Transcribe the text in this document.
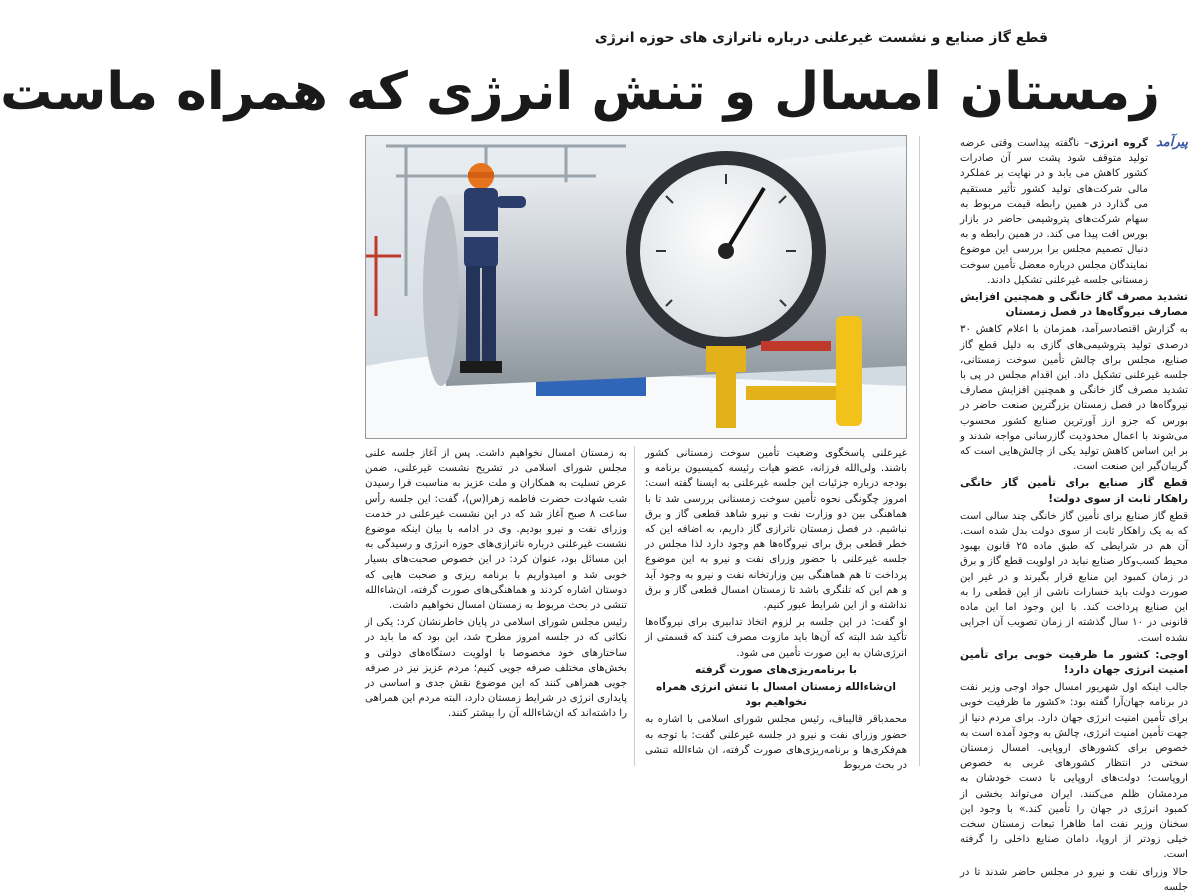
قطع گاز صنایع و نشست غیرعلنی درباره ناترازی های حوزه انرژی
زمستان امسال و تنش انرژی که همراه ماست
پیرآمد

گروه انرژی– ناگفته پیداست وقتی عرضه تولید متوقف شود پشت سر آن صادرات کشور کاهش می یابد و در نهایت بر عملکرد مالی شرکت‌های تولید کشور تأثیر مستقیم می گذارد در همین رابطه قیمت مربوط به سهام شرکت‌های پتروشیمی حاضر در بازار بورس افت پیدا می کند. در همین رابطه و به دنبال تصمیم مجلس برا بررسی این موضوع نمایندگان مجلس درباره معضل تأمین سوخت زمستانی جلسه غیرعلنی تشکیل دادند.

تشدید مصرف گاز خانگی و همچنین افزایش مصارف نیروگاه‌ها در فصل زمستان

به گزارش اقتصادسرآمد، همزمان با اعلام کاهش ۳۰ درصدی تولید پتروشیمی‌های گازی به دلیل قطع گاز صنایع، مجلس برای چالش تأمین سوخت زمستانی، جلسه غیرعلنی تشکیل داد. این اقدام مجلس در پی با تشدید مصرف گاز خانگی و همچنین افزایش مصارف نیروگاه‌ها در فصل زمستان بزرگترین صنعت حاضر در بورس که جزو ارز آورترین صنایع کشور محسوب می‌شوند با اعمال محدودیت گازرسانی مواجه شدند و بر این اساس کاهش تولید یکی از چالش‌هایی است که گریبان‌گیر این صنعت است.

قطع گاز صنایع برای تأمین گاز خانگی راهکار ثابت از سوی دولت!

قطع گاز صنایع برای تأمین گاز خانگی چند سالی است که به یک راهکار ثابت از سوی دولت بدل شده است. آن هم در شرایطی که طبق ماده ۲۵ قانون بهبود محیط کسب‌وکار صنایع نباید در اولویت قطع گاز و برق در زمان کمبود این منابع قرار بگیرند و در غیر این صورت دولت باید خسارات ناشی از این قطعی را به این صنایع پرداخت کند. با این وجود اما این ماده قانونی در ۱۰ سال گذشته از زمان تصویب آن اجرایی نشده است.

اوجی: کشور ما ظرفیت خوبی برای تأمین امنیت انرژی جهان دارد!

جالب اینکه اول شهریور امسال جواد اوجی وزیر نفت در برنامه جهان‌آرا گفته بود: «کشور ما ظرفیت خوبی برای تأمین امنیت انرژی جهان دارد. برای مردم دنیا از جهت تأمین امنیت انرژی، چالش به وجود آمده است به خصوص برای کشورهای اروپایی. امسال زمستان سختی در انتظار کشورهای غربی به خصوص اروپاست؛ دولت‌های اروپایی با دست خودشان به مردمشان ظلم می‌کنند. ایران می‌تواند بخشی از کمبود انرژی در جهان را تأمین کند.» با وجود این سخنان وزیر نفت اما ظاهرا تبعات زمستان سخت خیلی زودتر از اروپا، دامان صنایع داخلی را گرفته است.

حالا وزرای نفت و نیرو در مجلس حاضر شدند تا در جلسه

غیرعلنی پاسخگوی وضعیت تأمین سوخت زمستانی کشور باشند. ولی‌الله فرزانه، عضو هیات رئیسه کمیسیون برنامه و بودجه درباره جزئیات این جلسه غیرعلنی به ایسنا گفته است: امروز چگونگی نحوه تأمین سوخت زمستانی بررسی شد تا با هماهنگی بین دو وزارت نفت و نیرو شاهد قطعی گاز و برق نباشیم. در فصل زمستان ناترازی گاز داریم، به اضافه این که خطر قطعی برق برای نیروگاه‌ها هم وجود دارد لذا مجلس در جلسه غیرعلنی با حضور وزرای نفت و نیرو به این موضوع پرداخت تا هم هماهنگی بین وزارتخانه نفت و نیرو به وجود آید و هم این که تلنگری باشد تا زمستان امسال قطعی گاز و برق نداشته و از این شرایط عبور کنیم.

او گفت: در این جلسه بر لزوم اتخاذ تدابیری برای نیروگاه‌ها تأکید شد البته که آن‌ها باید مازوت مصرف کنند که قسمتی از انرژی‌شان به این صورت تأمین می شود.

با برنامه‌ریزی‌های صورت گرفته
ان‌شاءالله زمستان امسال با تنش انرژی همراه نخواهیم بود

محمدباقر قالیباف، رئیس مجلس شورای اسلامی با اشاره به حضور وزرای نفت و نیرو در جلسه غیرعلنی گفت: با توجه به هم‌فکری‌ها و برنامه‌ریزی‌های صورت گرفته، ان شاءالله تنشی در بحث مربوط

به زمستان امسال نخواهیم داشت. پس از آغاز جلسه علنی مجلس شورای اسلامی در تشریح نشست غیرعلنی، ضمن عرض تسلیت به همکاران و ملت عزیز به مناسبت فرا رسیدن شب شهادت حضرت فاطمه زهرا(س)، گفت: این جلسه رأس ساعت ۸ صبح آغاز شد که در این نشست غیرعلنی در خدمت وزرای نفت و نیرو بودیم. وی در ادامه با بیان اینکه موضوع نشست غیرعلنی درباره ناترازی‌های حوزه انرژی و رسیدگی به این مسائل بود، عنوان کرد: در این خصوص صحبت‌های بسیار خوبی شد و امیدواریم با برنامه ریزی و صحبت هایی که دوستان اشاره کردند و هماهنگی‌های صورت گرفته، ان‌شاءالله تنشی در بحث مربوط به زمستان امسال نخواهیم داشت.

رئیس مجلس شورای اسلامی در پایان خاطرنشان کرد: یکی از نکاتی که در جلسه امروز مطرح شد، این بود که ما باید در ساختارهای خود مخصوصا با اولویت دستگاه‌های دولتی و بخش‌های مختلف صرفه جویی کنیم؛ مردم عزیز نیز در صرفه جویی همراهی کنند که این موضوع نقش جدی و اساسی در پایداری انرژی در شرایط زمستان دارد، البته مردم این همراهی را داشته‌اند که ان‌شاءالله آن را بیشتر کنند.
